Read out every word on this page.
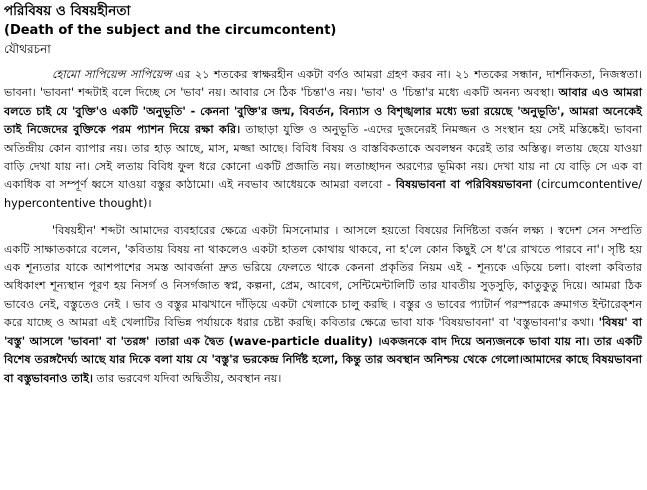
পরিবিষয় ও বিষয়হীনতা
(Death of the subject and the circumcontent)
যৌথরচনা

হোমো সাপিয়েন্স সাপিয়েন্স এর ২১ শতকের স্বাক্ষরহীন একটা বর্ণও আমরা গ্রহণ করব না। ২১ শতকের সন্ধান, দার্শনিকতা, নিজস্বতা। ভাবনা। 'ভাবনা' শব্দটাই বলে দিচ্ছে সে 'ভাব' নয়। আবার সে ঠিক 'চিন্তা'ও নয়। 'ভাব' ও 'চিন্তা'র মধ্যে একটি অনন্য অবস্থা। আবার এও আমরা বলতে চাই যে 'বুক্তি'ও একটি 'অনুভূতি' - কেননা 'বুক্তি'র জন্ম, বিবর্তন, বিন্যাস ও বিশৃঙ্খলার মধ্যে ভরা রয়েছে 'অনুভূতি', আমরা অনেকেই তাই নিজেদের বুক্তিকে পরম প্যাশন দিয়ে রক্ষা করি। তাছাড়া যুক্তি ও অনুভূতি -এদের দুজনেরই নিমজ্জন ও সংস্থান হয় সেই মস্তিষ্কেই। ভাবনা অতিন্দ্রীয় কোন ব্যাপার নয়। তার হাড় আছে, মাস, মজ্জা আছে। বিবিধ বিষয় ও বাস্তবিকতাকে অবলম্বন করেই তার অস্তিত্ব। লতায় ছেয়ে যাওয়া বাড়ি দেখা যায় না। সেই লতায় বিবিধ ফুল ধরে কোনো একটি প্রজাতি নয়। লতাচ্ছাদন অরণ্যের ভূমিকা নয়। দেখা যায় না যে বাড়ি সে এক বা একাধিক বা সম্পূর্ণ ধ্বসে যাওয়া বস্তুর কাঠামো। এই নবভাব আধেয়কে আমরা বলবো - বিষয়ভাবনা বা পরিবিষয়ভাবনা (circumcontentive/ hypercontentive thought)।

'বিষয়হীন' শব্দটা আমাদের ব্যবহারের ক্ষেত্রে একটা মিসনোমার । আসলে হয়তো বিষয়ের নির্দিষ্টতা বর্জন লক্ষ্য । স্বদেশ সেন সম্প্রতি একটি সাক্ষাতকারে বলেন, 'কবিতায় বিষয় না থাকলেও একটা হাতল কোথায় থাকবে, না হ'লে কোন কিছুই সে ধ'রে রাখতে পারবে না'। সৃষ্টি হয় এক শূন্যতার যাকে আশপাশের সমস্ত আবর্জনা দ্রুত ভরিয়ে ফেলতে থাকে কেননা প্রকৃতির নিয়ম এই - শূন্যকে এড়িয়ে চলা। বাংলা কবিতার অধিকাংশ শূন্যস্থান পূরণ হয় নিসর্গ ও নিসর্গজাত স্বপ্ন, কল্পনা, প্রেম, আবেগ, সেন্টিমেন্টালিটি তার যাবতীয় সুড়সুড়ি, কাতুকুতু দিয়ে। আমরা ঠিক ভাবেও নেই, বস্তুতেও নেই । ভাব ও বস্তুর মাঝখানে দাঁড়িয়ে একটা খেলাকে চালু করছি । বস্তুর ও ভাবের প্যাটার্ন পরস্পরকে ক্রমাগত ইন্টারেক্শন করে যাচ্ছে ও আমরা এই খেলাটির বিভিন্ন পর্যায়কে ধরার চেষ্টা করছি। কবিতার ক্ষেত্রে ভাবা যাক 'বিষয়ভাবনা' বা 'বস্তুভাবনা'র কথা। 'বিষয়' বা 'বস্তু' আসলে 'ভাবনা' বা 'তরঙ্গ' ।তারা এক দ্বৈত (wave-particle duality) ।একজনকে বাদ দিয়ে অন্যজনকে ভাবা যায় না। তার একটি বিশেষ তরঙ্গদৈর্ঘ্য আছে যার দিকে বলা যায় যে 'বস্তু'র ভরকেন্দ্র নির্দিষ্ট হলো, কিন্তু তার অবস্থান অনিশ্চয় থেকে গেলো।আমাদের কাছে বিষয়ভাবনা বা বস্তুভাবনাও তাই। তার ভরবেগ যদিবা অদ্বিতীয়, অবস্থান নয়।
